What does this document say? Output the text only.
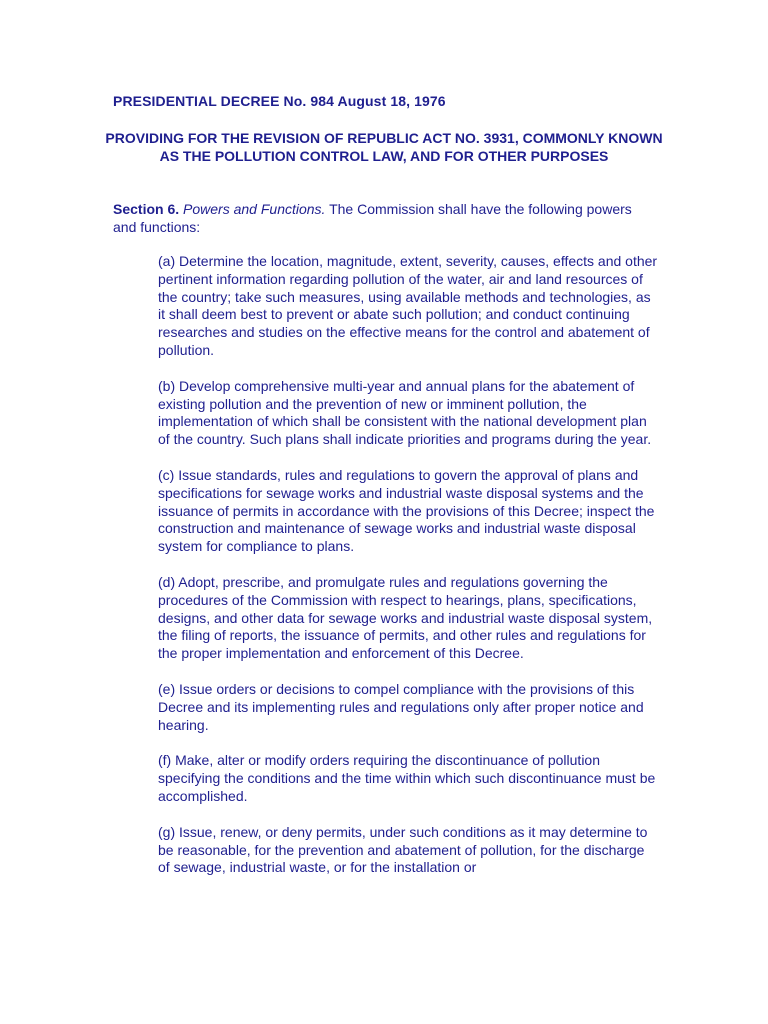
PRESIDENTIAL DECREE No. 984 August 18, 1976

PROVIDING FOR THE REVISION OF REPUBLIC ACT NO. 3931, COMMONLY KNOWN AS THE POLLUTION CONTROL LAW, AND FOR OTHER PURPOSES

Section 6. Powers and Functions. The Commission shall have the following powers and functions:

(a) Determine the location, magnitude, extent, severity, causes, effects and other pertinent information regarding pollution of the water, air and land resources of the country; take such measures, using available methods and technologies, as it shall deem best to prevent or abate such pollution; and conduct continuing researches and studies on the effective means for the control and abatement of pollution.
(b) Develop comprehensive multi-year and annual plans for the abatement of existing pollution and the prevention of new or imminent pollution, the implementation of which shall be consistent with the national development plan of the country. Such plans shall indicate priorities and programs during the year.
(c) Issue standards, rules and regulations to govern the approval of plans and specifications for sewage works and industrial waste disposal systems and the issuance of permits in accordance with the provisions of this Decree; inspect the construction and maintenance of sewage works and industrial waste disposal system for compliance to plans.
(d) Adopt, prescribe, and promulgate rules and regulations governing the procedures of the Commission with respect to hearings, plans, specifications, designs, and other data for sewage works and industrial waste disposal system, the filing of reports, the issuance of permits, and other rules and regulations for the proper implementation and enforcement of this Decree.
(e) Issue orders or decisions to compel compliance with the provisions of this Decree and its implementing rules and regulations only after proper notice and hearing.
(f) Make, alter or modify orders requiring the discontinuance of pollution specifying the conditions and the time within which such discontinuance must be accomplished.
(g) Issue, renew, or deny permits, under such conditions as it may determine to be reasonable, for the prevention and abatement of pollution, for the discharge of sewage, industrial waste, or for the installation or
